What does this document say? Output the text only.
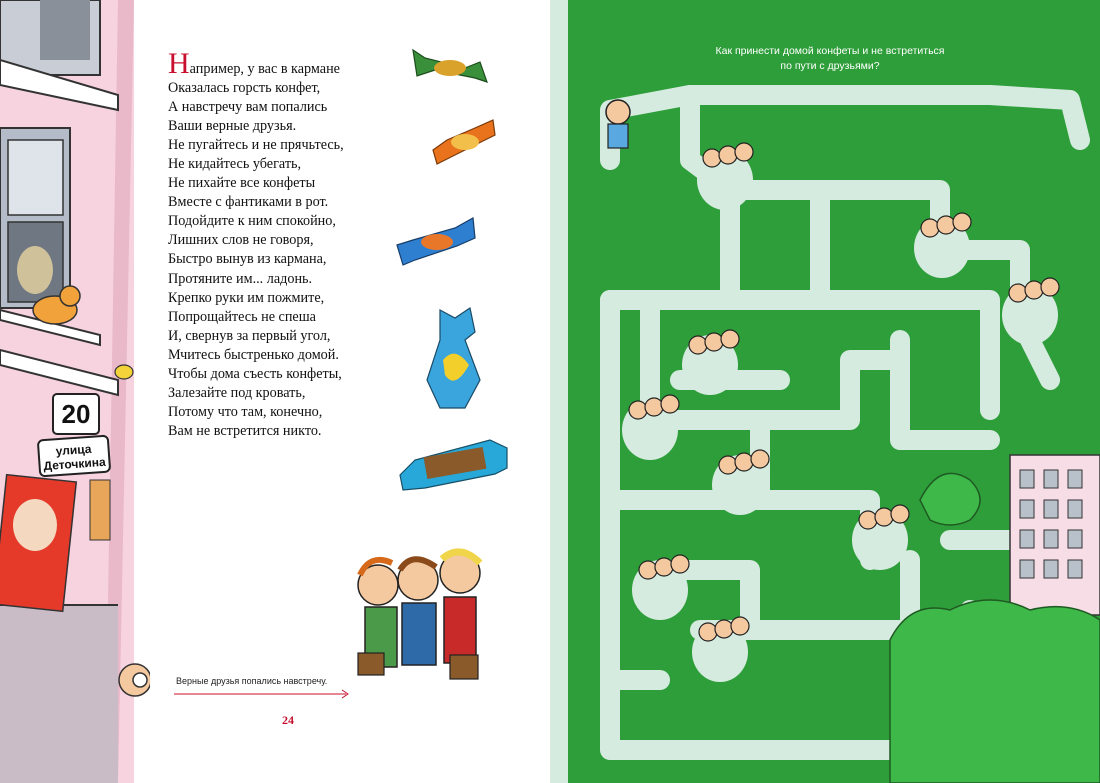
20
улица
Деточкина
Например, у вас в кармане
Оказалась горсть конфет,
А навстречу вам попались
Ваши верные друзья.
Не пугайтесь и не прячьтесь,
Не кидайтесь убегать,
Не пихайте все конфеты
Вместе с фантиками в рот.
Подойдите к ним спокойно,
Лишних слов не говоря,
Быстро вынув из кармана,
Протяните им... ладонь.
Крепко руки им пожмите,
Попрощайтесь не спеша
И, свернув за первый угол,
Мчитесь быстренько домой.
Чтобы дома съесть конфеты,
Залезайте под кровать,
Потому что там, конечно,
Вам не встретится никто.
Верные друзья попались навстречу.
24
Как принести домой конфеты и не встретиться
по пути с друзьями?
